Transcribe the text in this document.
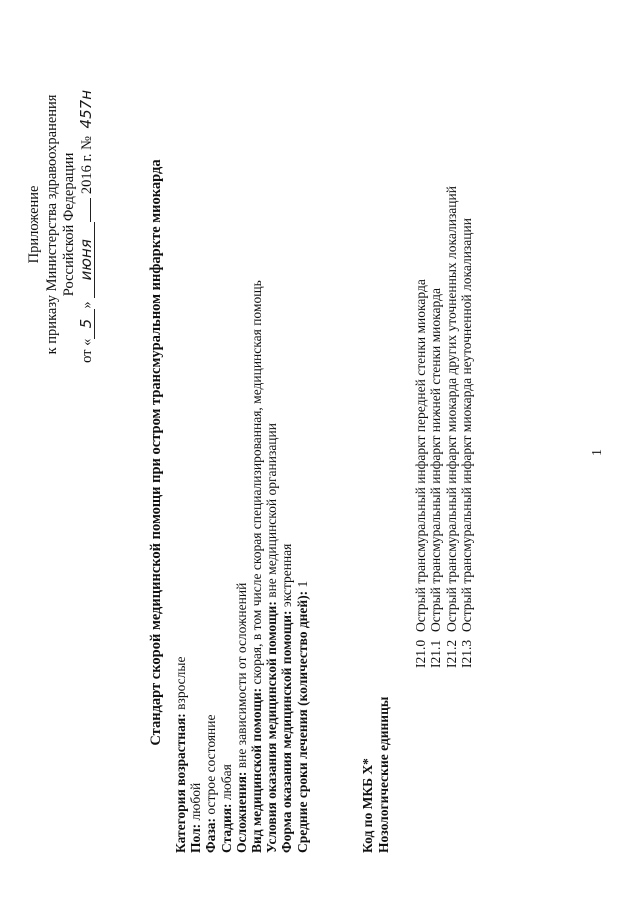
Приложение к приказу Министерства здравоохранения Российской Федерации
от «5» июня 2016 г. № 457н
Стандарт скорой медицинской помощи при остром трансмуральном инфаркте миокарда
Категория возрастная: взрослые
Пол: любой
Фаза: острое состояние
Стадия: любая Осложнения: вне зависимости от осложнений Вид медицинской помощи: скорая, в том числе скорая специализированная, медицинская помощь
Условия оказания медицинской помощи: вне медицинской организации
Форма оказания медицинской помощи: экстренная
Средние сроки лечения (количество дней): 1
Код по МКБ Х* Нозологические единицы
I21.0Острый трансмуральный инфаркт передней стенки миокарда
I21.1Острый трансмуральный инфаркт нижней стенки миокарда
I21.2Острый трансмуральный инфаркт миокарда других уточненных локализаций
I21.3Острый трансмуральный инфаркт миокарда неуточненной локализации	1
